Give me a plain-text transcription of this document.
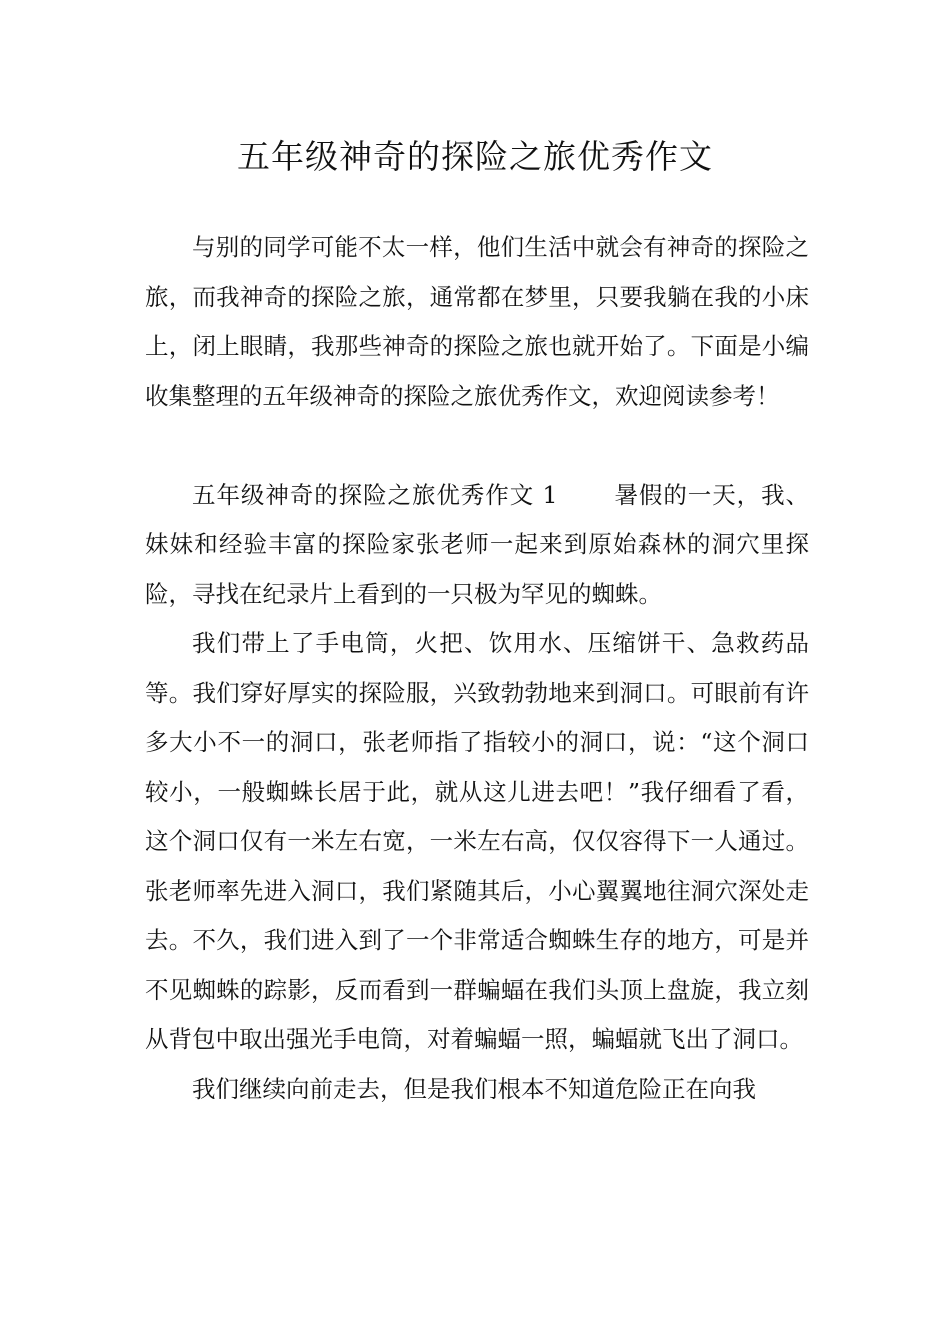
五年级神奇的探险之旅优秀作文

与别的同学可能不太一样，他们生活中就会有神奇的探险之旅，而我神奇的探险之旅，通常都在梦里，只要我躺在我的小床上，闭上眼睛，我那些神奇的探险之旅也就开始了。下面是小编收集整理的五年级神奇的探险之旅优秀作文，欢迎阅读参考！

五年级神奇的探险之旅优秀作文 1 暑假的一天，我、妹妹和经验丰富的探险家张老师一起来到原始森林的洞穴里探险，寻找在纪录片上看到的一只极为罕见的蜘蛛。

我们带上了手电筒，火把、饮用水、压缩饼干、急救药品等。我们穿好厚实的探险服，兴致勃勃地来到洞口。可眼前有许多大小不一的洞口，张老师指了指较小的洞口，说：“这个洞口较小，一般蜘蛛长居于此，就从这儿进去吧！”我仔细看了看，这个洞口仅有一米左右宽，一米左右高，仅仅容得下一人通过。张老师率先进入洞口，我们紧随其后，小心翼翼地往洞穴深处走去。不久，我们进入到了一个非常适合蜘蛛生存的地方，可是并不见蜘蛛的踪影，反而看到一群蝙蝠在我们头顶上盘旋，我立刻从背包中取出强光手电筒，对着蝙蝠一照，蝙蝠就飞出了洞口。

我们继续向前走去，但是我们根本不知道危险正在向我
